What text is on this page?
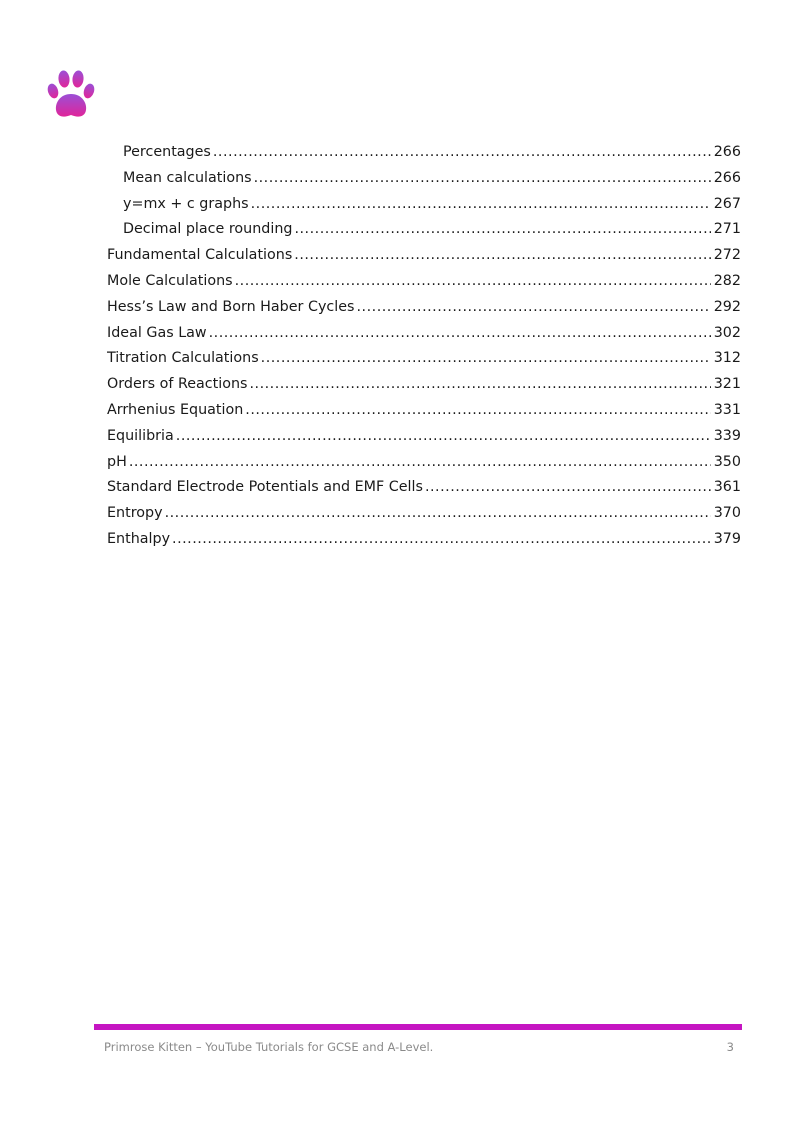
Percentages .....	266
Mean calculations .....	266
y=mx + c graphs .....	267
Decimal place rounding .....	271
Fundamental Calculations .....	272
Mole Calculations .....	282
Hess’s Law and Born Haber Cycles .....	292
Ideal Gas Law .....	302
Titration Calculations .....	312
Orders of Reactions .....	321
Arrhenius Equation .....	331
Equilibria .....	339
pH .....	350
Standard Electrode Potentials and EMF Cells .....	361
Entropy .....	370
Enthalpy .....	379
Primrose Kitten – YouTube Tutorials for GCSE and A-Level.	3
